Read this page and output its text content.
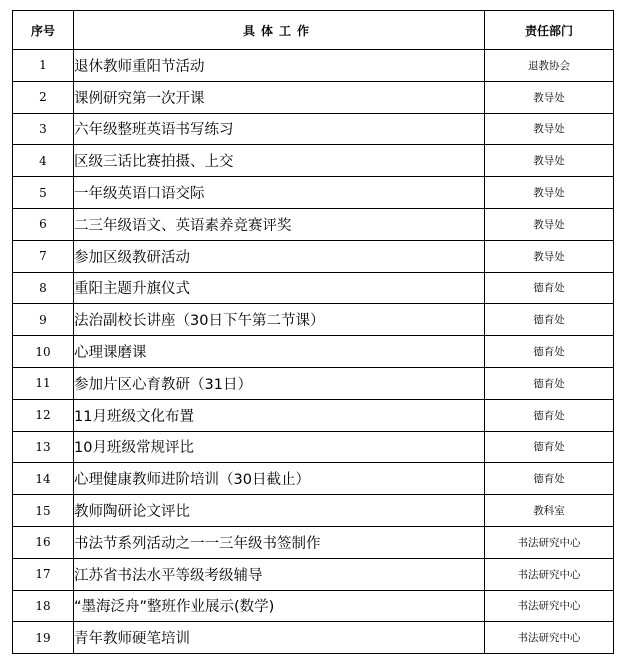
序号	具体工作	责任部门
1	退休教师重阳节活动	退教协会
2	课例研究第一次开课	教导处
3	六年级整班英语书写练习	教导处
4	区级三话比赛拍摄、上交	教导处
5	一年级英语口语交际	教导处
6	二三年级语文、英语素养竞赛评奖	教导处
7	参加区级教研活动	教导处
8	重阳主题升旗仪式	德育处
9	法治副校长讲座（30日下午第二节课）	德育处
10	心理课磨课	德育处
11	参加片区心育教研（31日）	德育处
12	11月班级文化布置	德育处
13	10月班级常规评比	德育处
14	心理健康教师进阶培训（30日截止）	德育处
15	教师陶研论文评比	教科室
16	书法节系列活动之一一三年级书签制作	书法研究中心
17	江苏省书法水平等级考级辅导	书法研究中心
18	“墨海泛舟”整班作业展示(数学)	书法研究中心
19	青年教师硬笔培训	书法研究中心
